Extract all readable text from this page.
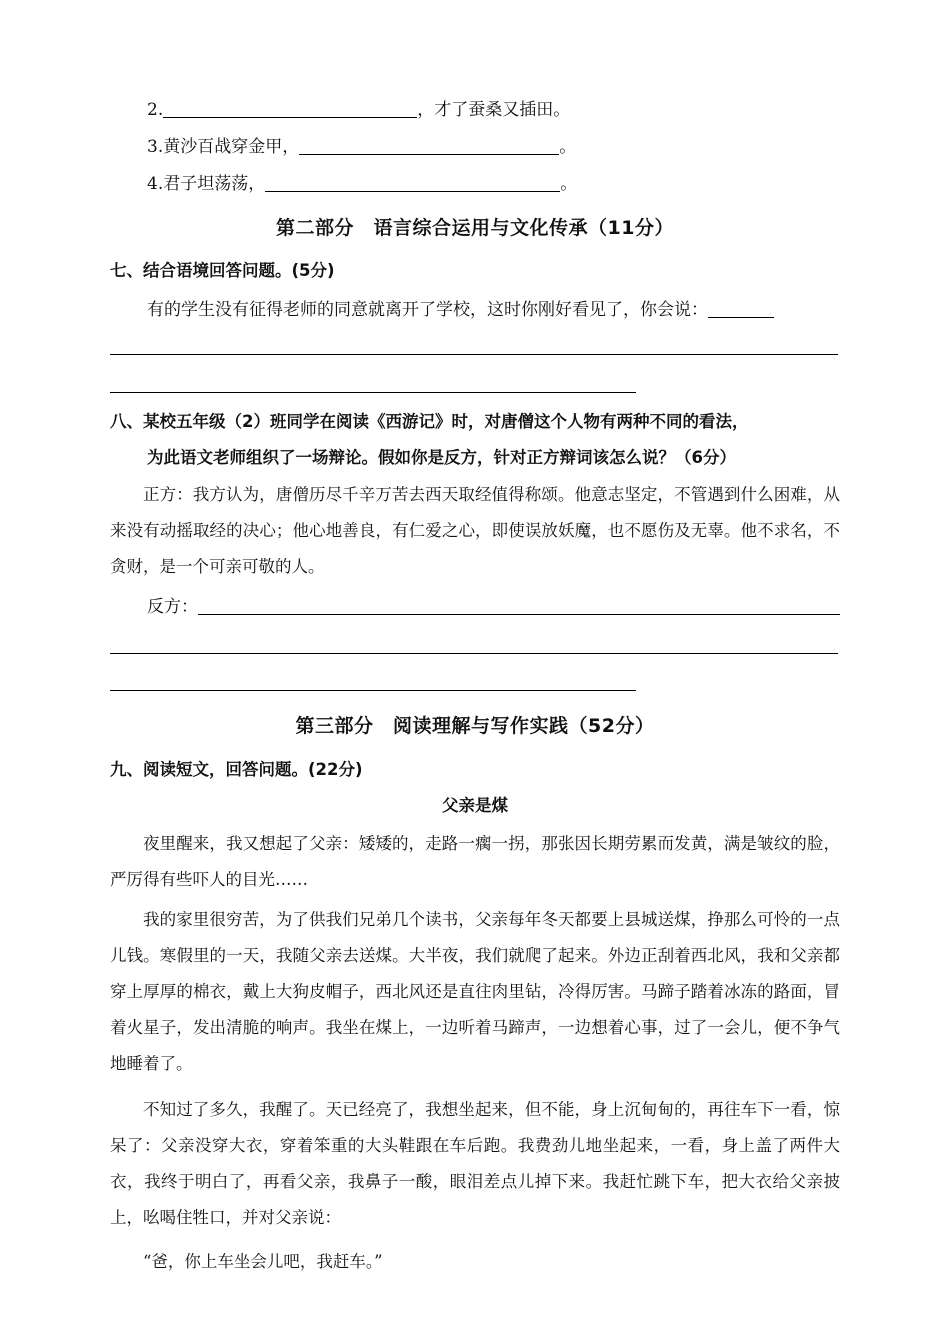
2.	，才了蚕桑又插田。
3.黄沙百战穿金甲，	。
4.君子坦荡荡，	。
第二部分　语言综合运用与文化传承（11分）
七、结合语境回答问题。(5分)
有的学生没有征得老师的同意就离开了学校，这时你刚好看见了，你会说：
八、某校五年级（2）班同学在阅读《西游记》时，对唐僧这个人物有两种不同的看法，
为此语文老师组织了一场辩论。假如你是反方，针对正方辩词该怎么说？（6分）

正方：我方认为，唐僧历尽千辛万苦去西天取经值得称颂。他意志坚定，不管遇到什么困难，从来没有动摇取经的决心；他心地善良，有仁爱之心，即使误放妖魔，也不愿伤及无辜。他不求名，不贪财，是一个可亲可敬的人。

反方：
第三部分　阅读理解与写作实践（52分）
九、阅读短文，回答问题。(22分)
父亲是煤

夜里醒来，我又想起了父亲：矮矮的，走路一瘸一拐，那张因长期劳累而发黄，满是皱纹的脸，严厉得有些吓人的目光……

我的家里很穷苦，为了供我们兄弟几个读书，父亲每年冬天都要上县城送煤，挣那么可怜的一点儿钱。寒假里的一天，我随父亲去送煤。大半夜，我们就爬了起来。外边正刮着西北风，我和父亲都穿上厚厚的棉衣，戴上大狗皮帽子，西北风还是直往肉里钻，冷得厉害。马蹄子踏着冰冻的路面，冒着火星子，发出清脆的响声。我坐在煤上，一边听着马蹄声，一边想着心事，过了一会儿，便不争气地睡着了。

不知过了多久，我醒了。天已经亮了，我想坐起来，但不能，身上沉甸甸的，再往车下一看，惊呆了：父亲没穿大衣，穿着笨重的大头鞋跟在车后跑。我费劲儿地坐起来，一看，身上盖了两件大衣，我终于明白了，再看父亲，我鼻子一酸，眼泪差点儿掉下来。我赶忙跳下车，把大衣给父亲披上，吆喝住牲口，并对父亲说：

“爸，你上车坐会儿吧，我赶车。”
